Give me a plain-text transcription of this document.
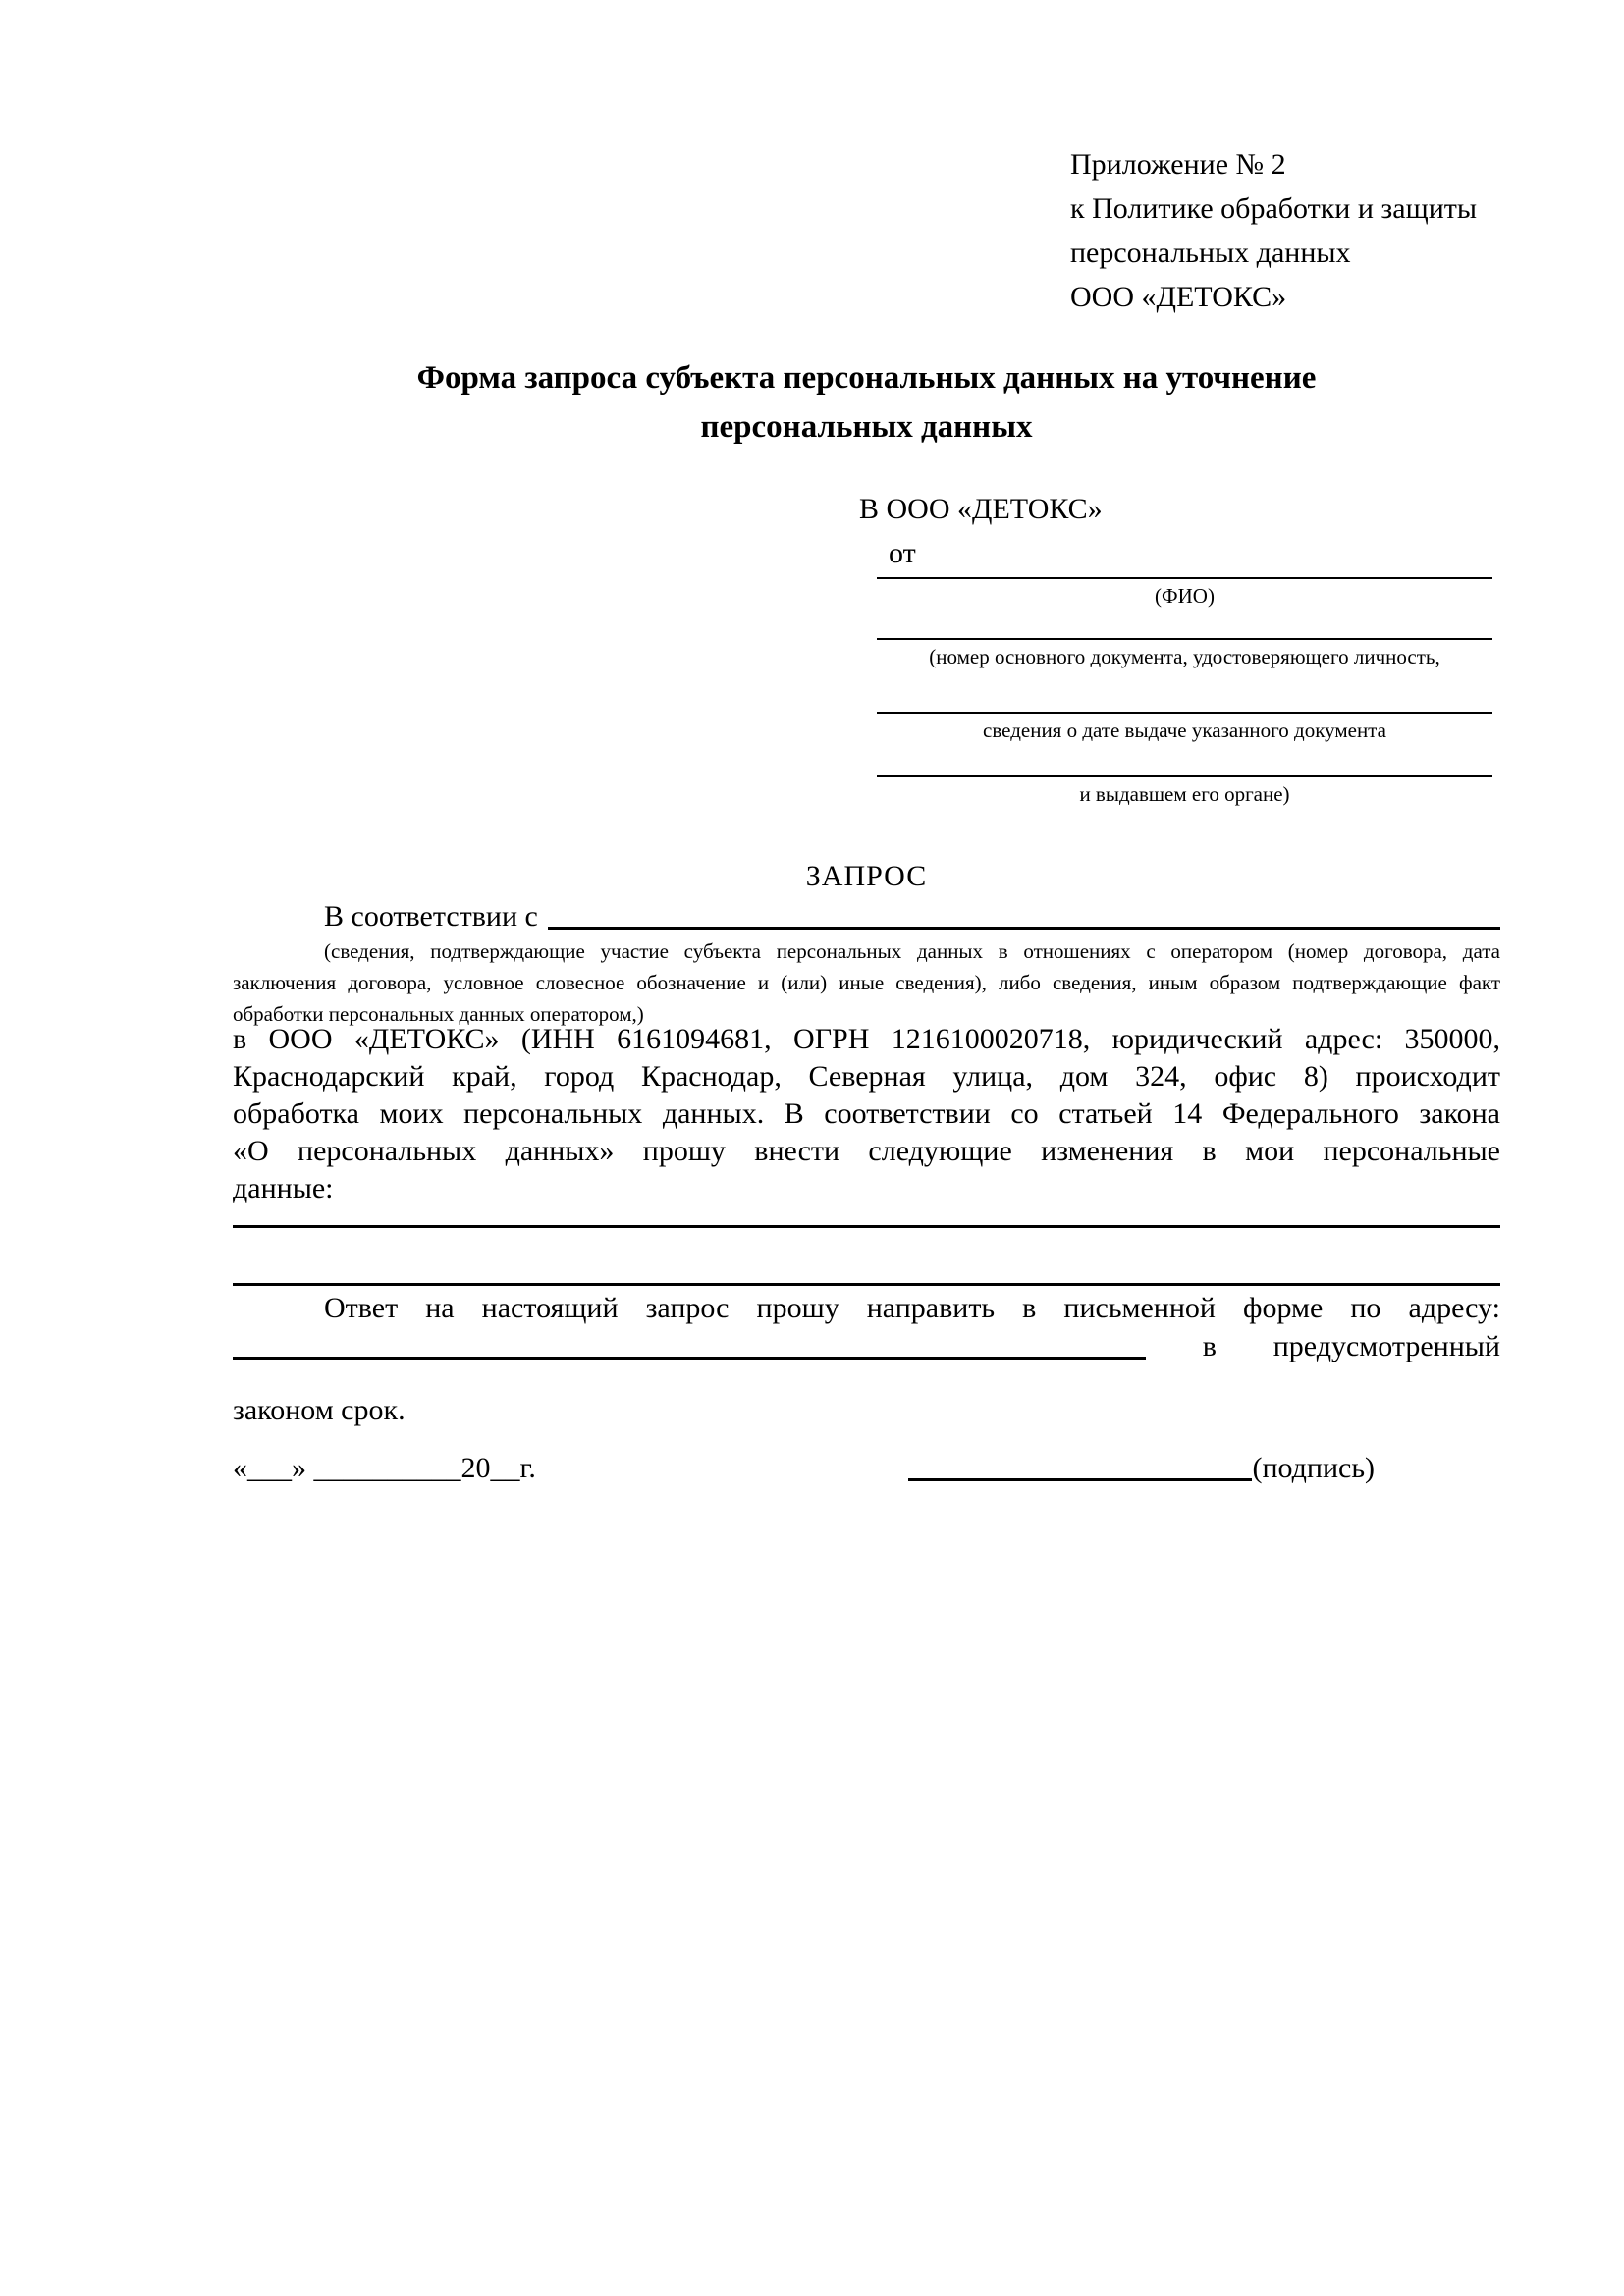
Приложение № 2
к Политике обработки и защиты
персональных данных
ООО «ДЕТОКС»
Форма запроса субъекта персональных данных на уточнение
персональных данных
В ООО «ДЕТОКС»
от
(ФИО)
(номер основного документа, удостоверяющего личность,
сведения о дате выдаче указанного документа
и выдавшем его органе)
ЗАПРОС
В соответствии с
(сведения, подтверждающие участие субъекта персональных данных в отношениях с оператором (номер договора, дата
заключения договора, условное словесное обозначение и (или) иные сведения), либо сведения, иным образом подтверждающие факт
обработки персональных данных оператором,)
в ООО «ДЕТОКС» (ИНН 6161094681, ОГРН 1216100020718, юридический адрес: 350000,
Краснодарский край, город Краснодар, Северная улица, дом 324, офис 8) происходит
обработка моих персональных данных. В соответствии со статьей 14 Федерального закона
«О персональных данных» прошу внести следующие изменения в мои персональные
данные:
Ответ на настоящий запрос прошу направить в письменной форме по адресу:
в предусмотренный
законом срок.
«___» __________20__г.	(подпись)
